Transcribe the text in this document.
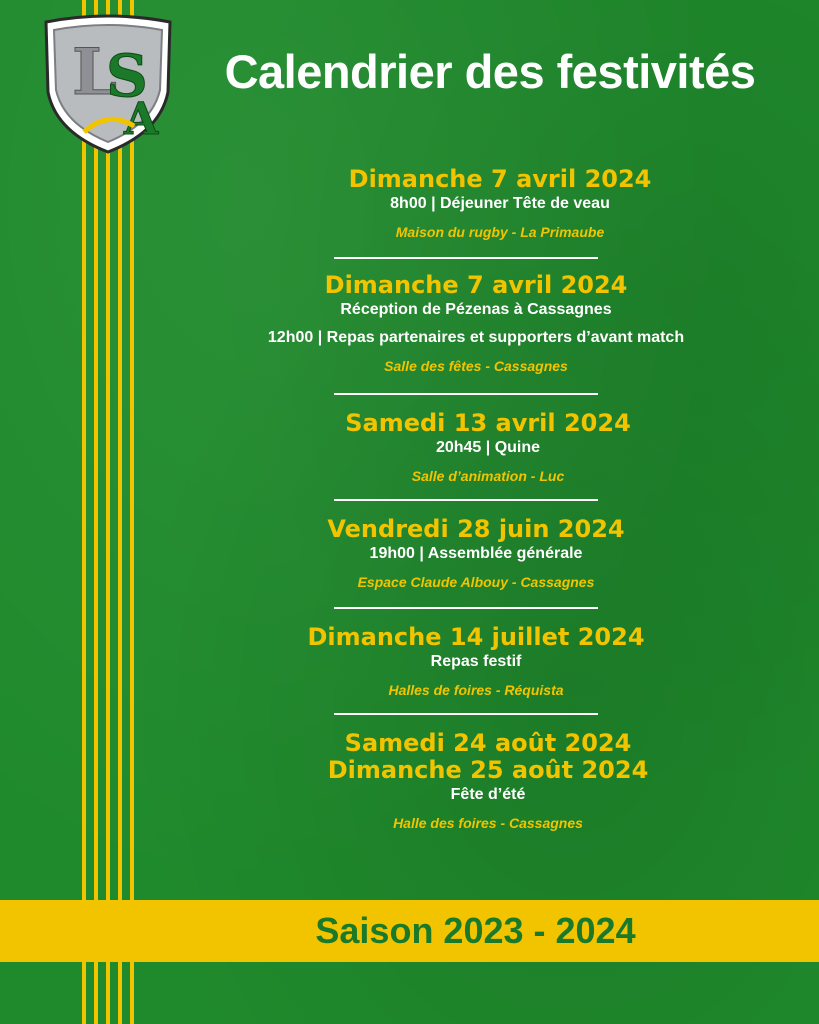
L
S
A
Calendrier des festivités
Dimanche 7 avril 2024
8h00 | Déjeuner Tête de veau
Maison du rugby - La Primaube
Dimanche 7 avril 2024
Réception de Pézenas à Cassagnes
12h00 | Repas partenaires et supporters d’avant match
Salle des fêtes - Cassagnes
Samedi 13 avril 2024
20h45 | Quine
Salle d’animation - Luc
Vendredi 28 juin 2024
19h00 | Assemblée générale
Espace Claude Albouy - Cassagnes
Dimanche 14 juillet 2024
Repas festif
Halles de foires - Réquista
Samedi 24 août 2024
Dimanche 25 août 2024
Fête d’été
Halle des foires - Cassagnes
Saison 2023 - 2024
